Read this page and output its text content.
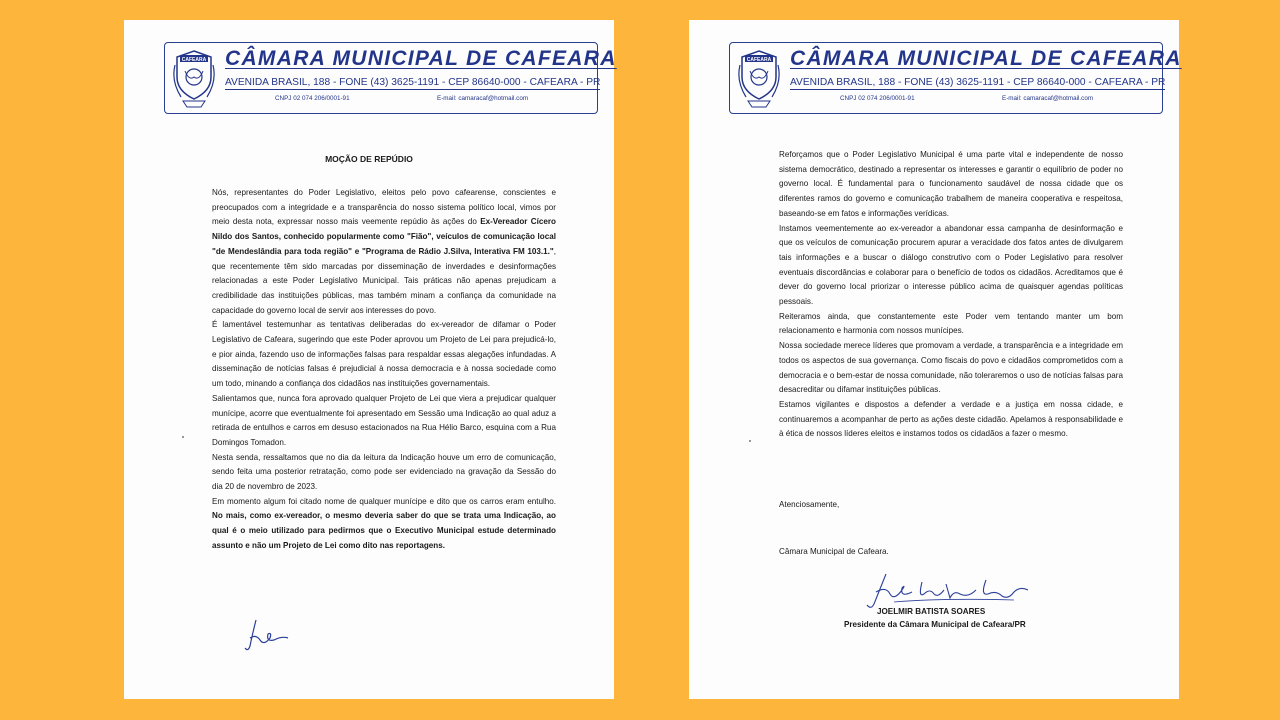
CAFEARA CÂMARA MUNICIPAL DE CAFEARA
AVENIDA BRASIL, 188 - FONE (43) 3625-1191 - CEP 86640-000 - CAFEARA - PR
CNPJ 02 074 206/0001-91	E-mail: camaracaf@hotmail.com
MOÇÃO DE REPÚDIO

Nós, representantes do Poder Legislativo, eleitos pelo povo cafearense, conscientes e preocupados com a integridade e a transparência do nosso sistema político local, vimos por meio desta nota, expressar nosso mais veemente repúdio às ações do Ex-Vereador Cícero Nildo dos Santos, conhecido popularmente como "Fião", veículos de comunicação local "de Mendeslândia para toda região" e "Programa de Rádio J.Silva, Interativa FM 103.1.", que recentemente têm sido marcadas por disseminação de inverdades e desinformações relacionadas a este Poder Legislativo Municipal. Tais práticas não apenas prejudicam a credibilidade das instituições públicas, mas também minam a confiança da comunidade na capacidade do governo local de servir aos interesses do povo.

É lamentável testemunhar as tentativas deliberadas do ex-vereador de difamar o Poder Legislativo de Cafeara, sugerindo que este Poder aprovou um Projeto de Lei para prejudicá-lo, e pior ainda, fazendo uso de informações falsas para respaldar essas alegações infundadas. A disseminação de notícias falsas é prejudicial à nossa democracia e à nossa sociedade como um todo, minando a confiança dos cidadãos nas instituições governamentais.

Salientamos que, nunca fora aprovado qualquer Projeto de Lei que viera a prejudicar qualquer munícipe, acorre que eventualmente foi apresentado em Sessão uma Indicação ao qual aduz a retirada de entulhos e carros em desuso estacionados na Rua Hélio Barco, esquina com a Rua Domingos Tomadon.

Nesta senda, ressaltamos que no dia da leitura da Indicação houve um erro de comunicação, sendo feita uma posterior retratação, como pode ser evidenciado na gravação da Sessão do dia 20 de novembro de 2023.

Em momento algum foi citado nome de qualquer munícipe e dito que os carros eram entulho. No mais, como ex-vereador, o mesmo deveria saber do que se trata uma Indicação, ao qual é o meio utilizado para pedirmos que o Executivo Municipal estude determinado assunto e não um Projeto de Lei como dito nas reportagens.

CAFEARA CÂMARA MUNICIPAL DE CAFEARA
AVENIDA BRASIL, 188 - FONE (43) 3625-1191 - CEP 86640-000 - CAFEARA - PR
CNPJ 02 074 206/0001-91	E-mail: camaracaf@hotmail.com

Reforçamos que o Poder Legislativo Municipal é uma parte vital e independente de nosso sistema democrático, destinado a representar os interesses e garantir o equilíbrio de poder no governo local. É fundamental para o funcionamento saudável de nossa cidade que os diferentes ramos do governo e comunicação trabalhem de maneira cooperativa e respeitosa, baseando-se em fatos e informações verídicas.

Instamos veementemente ao ex-vereador a abandonar essa campanha de desinformação e que os veículos de comunicação procurem apurar a veracidade dos fatos antes de divulgarem tais informações e a buscar o diálogo construtivo com o Poder Legislativo para resolver eventuais discordâncias e colaborar para o benefício de todos os cidadãos. Acreditamos que é dever do governo local priorizar o interesse público acima de quaisquer agendas políticas pessoais.

Reiteramos ainda, que constantemente este Poder vem tentando manter um bom relacionamento e harmonia com nossos munícipes.

Nossa sociedade merece líderes que promovam a verdade, a transparência e a integridade em todos os aspectos de sua governança. Como fiscais do povo e cidadãos comprometidos com a democracia e o bem-estar de nossa comunidade, não toleraremos o uso de notícias falsas para desacreditar ou difamar instituições públicas.

Estamos vigilantes e dispostos a defender a verdade e a justiça em nossa cidade, e continuaremos a acompanhar de perto as ações deste cidadão. Apelamos à responsabilidade e à ética de nossos líderes eleitos e instamos todos os cidadãos a fazer o mesmo.

Atenciosamente,
Câmara Municipal de Cafeara.
JOELMIR BATISTA SOARES
Presidente da Câmara Municipal de Cafeara/PR
